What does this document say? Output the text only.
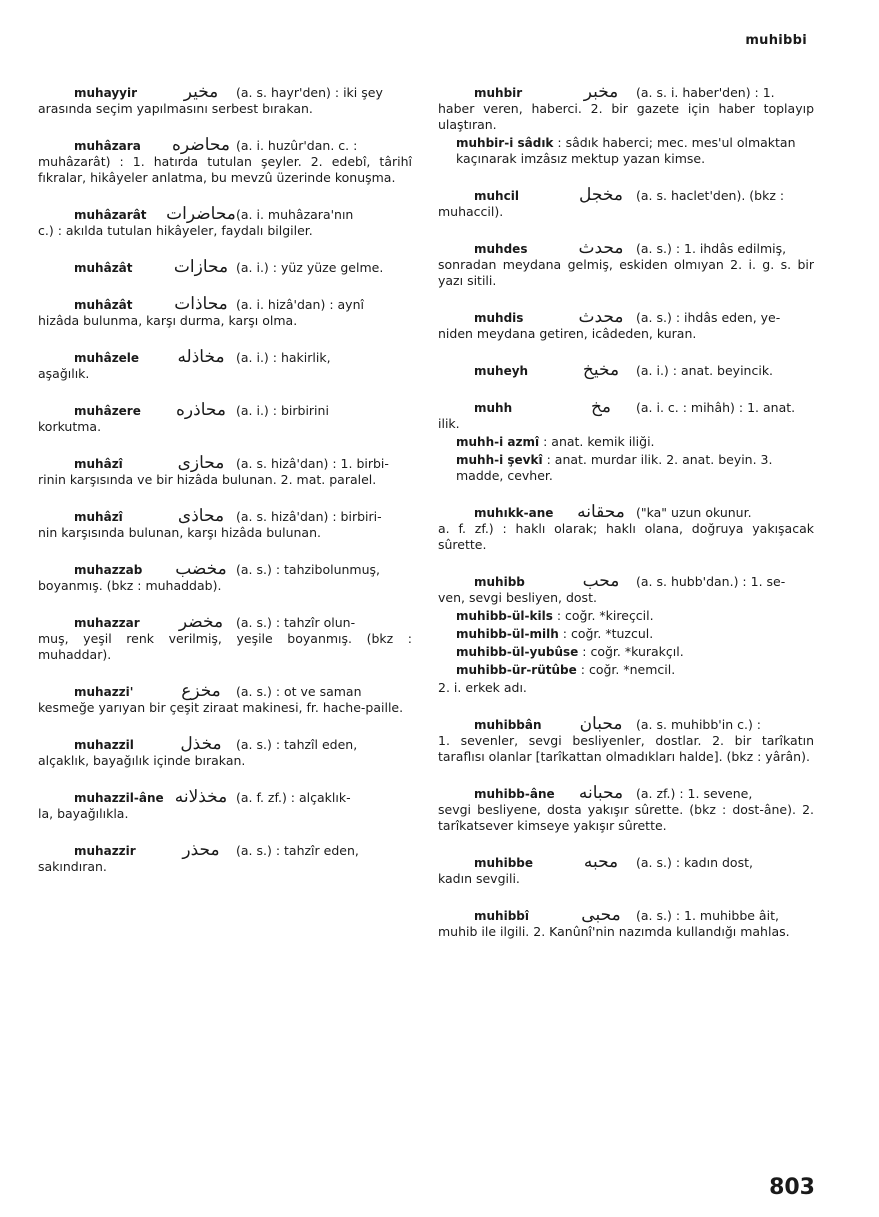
muhibbi
muhayyir	مخير	(a. s. hayr'den) : iki şey
arasında seçim yapılmasını serbest bırakan.
muhâzara	محاضره (a. i. huzûr'dan. c. :
muhâzarât) : 1. hatırda tutulan şeyler. 2. edebî, târihî fıkralar, hikâyeler anlatma, bu mevzû üzerinde konuşma.
muhâzarât	محاضرات (a. i. muhâzara'nın
c.) : akılda tutulan hikâyeler, faydalı bilgiler.
muhâzât	محازات (a. i.) : yüz yüze gelme.
muhâzât	محاذات (a. i. hizâ'dan) : aynî
hizâda bulunma, karşı durma, karşı olma.
muhâzele	مخاذله (a. i.) : hakirlik,
aşağılık.
muhâzere	محاذره (a. i.) : birbirini
korkutma.
muhâzî	محازی (a. s. hizâ'dan) : 1. birbi-
rinin karşısında ve bir hizâda bulunan. 2. mat. paralel.
muhâzî	محاذی (a. s. hizâ'dan) : birbiri-
nin karşısında bulunan, karşı hizâda bulunan.
muhazzab	مخضب (a. s.) : tahzibolunmuş,
boyanmış. (bkz : muhaddab).
muhazzar	مخضر	(a. s.) : tahzîr olun-
muş, yeşil renk verilmiş, yeşile boyanmış. (bkz : muhaddar).
muhazzi'	مخزع	(a. s.) : ot ve saman
kesmeğe yarıyan bir çeşit ziraat makinesi, fr. hache-paille.
muhazzil	مخذل	(a. s.) : tahzîl eden,
alçaklık, bayağılık içinde bırakan.
muhazzil-âne مخذلانه (a. f. zf.) : alçaklık-
la, bayağılıkla.
muhazzir	محذر	(a. s.) : tahzîr eden,
sakındıran.
muhbir	مخبر	(a. s. i. haber'den) : 1.
haber veren, haberci. 2. bir gazete için haber toplayıp ulaştıran.
muhbir-i sâdık : sâdık haberci; mec. mes'ul olmaktan kaçınarak imzâsız mektup yazan kimse.
muhcil	مخجل	(a. s. haclet'den). (bkz :
muhaccil).
muhdes	محدث	(a. s.) : 1. ihdâs edilmiş,
sonradan meydana gelmiş, eskiden olmıyan 2. i. g. s. bir yazı sitili.
muhdis	محدث	(a. s.) : ihdâs eden, ye-
niden meydana getiren, icâdeden, kuran.
muheyh	مخيخ	(a. i.) : anat. beyincik.
muhh	مخ	(a. i. c. : mihâh) : 1. anat.
ilik.
muhh-i azmî : anat. kemik iliği.
muhh-i şevkî : anat. murdar ilik. 2. anat. beyin. 3. madde, cevher.
muhıkk-ane	محقانه ("ka" uzun okunur.
a. f. zf.) : haklı olarak; haklı olana, doğruya yakışacak sûrette.
muhibb	محب	(a. s. hubb'dan.) : 1. se-
ven, sevgi besliyen, dost.
muhibb-ül-kils : coğr. *kireçcil.
muhibb-ül-milh : coğr. *tuzcul.
muhibb-ül-yubûse : coğr. *kurakçıl.
muhibb-ür-rütûbe : coğr. *nemcil.
2. i. erkek adı.
muhibbân	محبان	(a. s. muhibb'in c.) :
1. sevenler, sevgi besliyenler, dostlar. 2. bir tarîkatın taraflısı olanlar [tarîkattan olmadıkları halde]. (bkz : yârân).
muhibb-âne	محبانه	(a. zf.) : 1. sevene,
sevgi besliyene, dosta yakışır sûrette. (bkz : dost-âne). 2. tarîkatsever kimseye yakışır sûrette.
muhibbe	محبه	(a. s.) : kadın dost,
kadın sevgili.
muhibbî	محبی	(a. s.) : 1. muhibbe âit,
muhib ile ilgili. 2. Kanûnî'nin nazımda kullandığı mahlas.
803
